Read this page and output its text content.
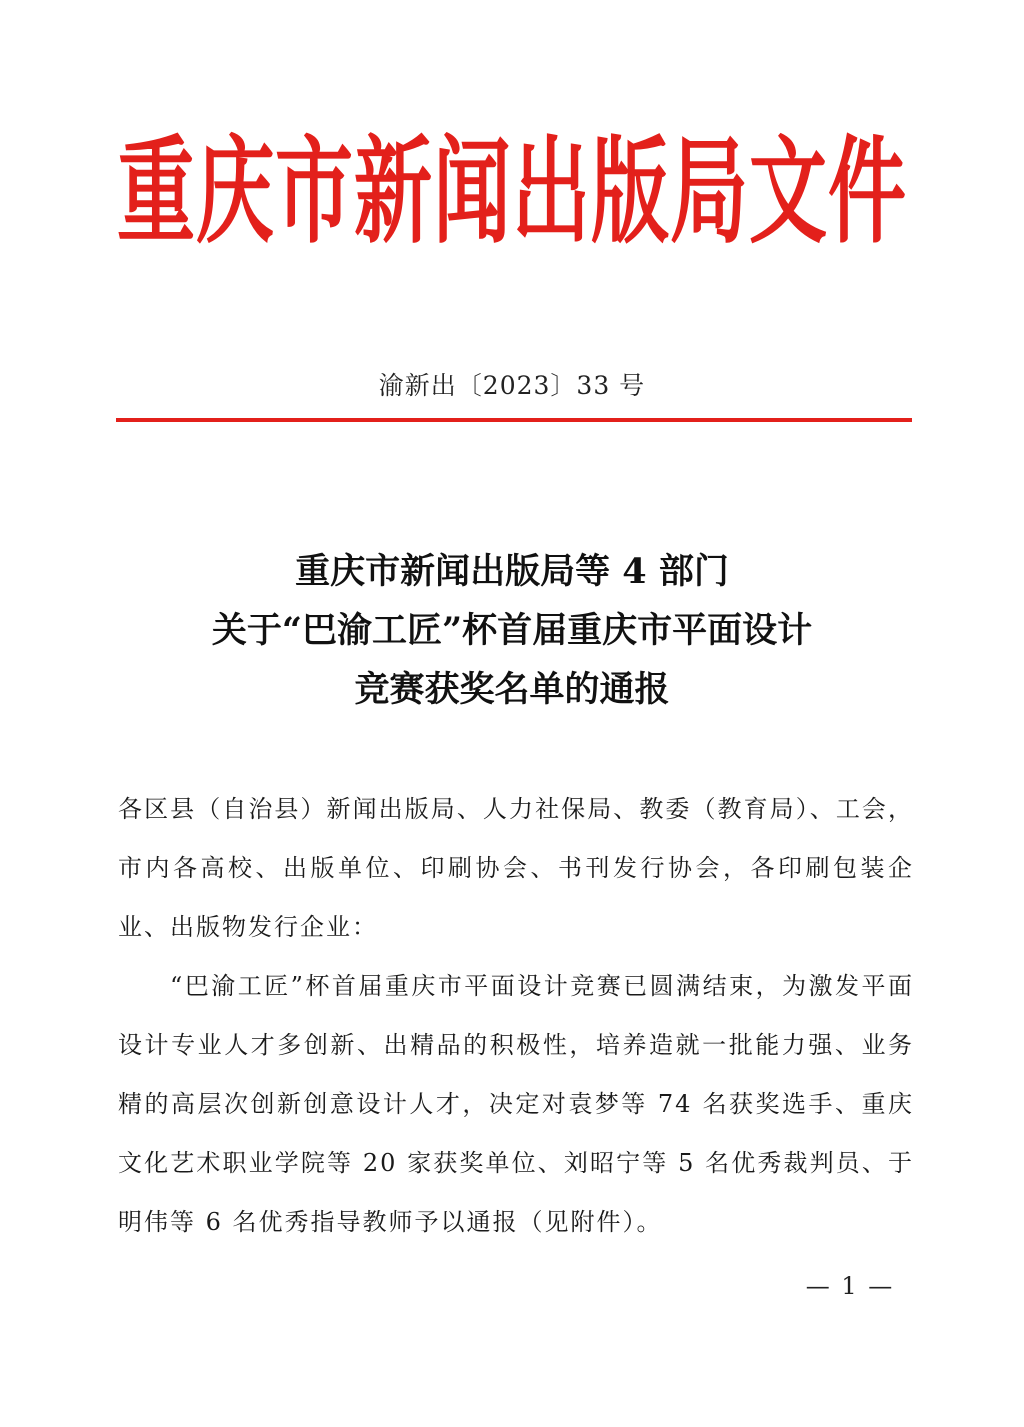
重庆市新闻出版局文件
渝新出〔2023〕33 号
重庆市新闻出版局等 4 部门
关于“巴渝工匠”杯首届重庆市平面设计
竞赛获奖名单的通报

各区县（自治县）新闻出版局、人力社保局、教委（教育局）、工会，市内各高校、出版单位、印刷协会、书刊发行协会，各印刷包装企业、出版物发行企业：

“巴渝工匠”杯首届重庆市平面设计竞赛已圆满结束，为激发平面设计专业人才多创新、出精品的积极性，培养造就一批能力强、业务精的高层次创新创意设计人才，决定对袁梦等 74 名获奖选手、重庆文化艺术职业学院等 20 家获奖单位、刘昭宁等 5 名优秀裁判员、于明伟等 6 名优秀指导教师予以通报（见附件）。

— 1 —
